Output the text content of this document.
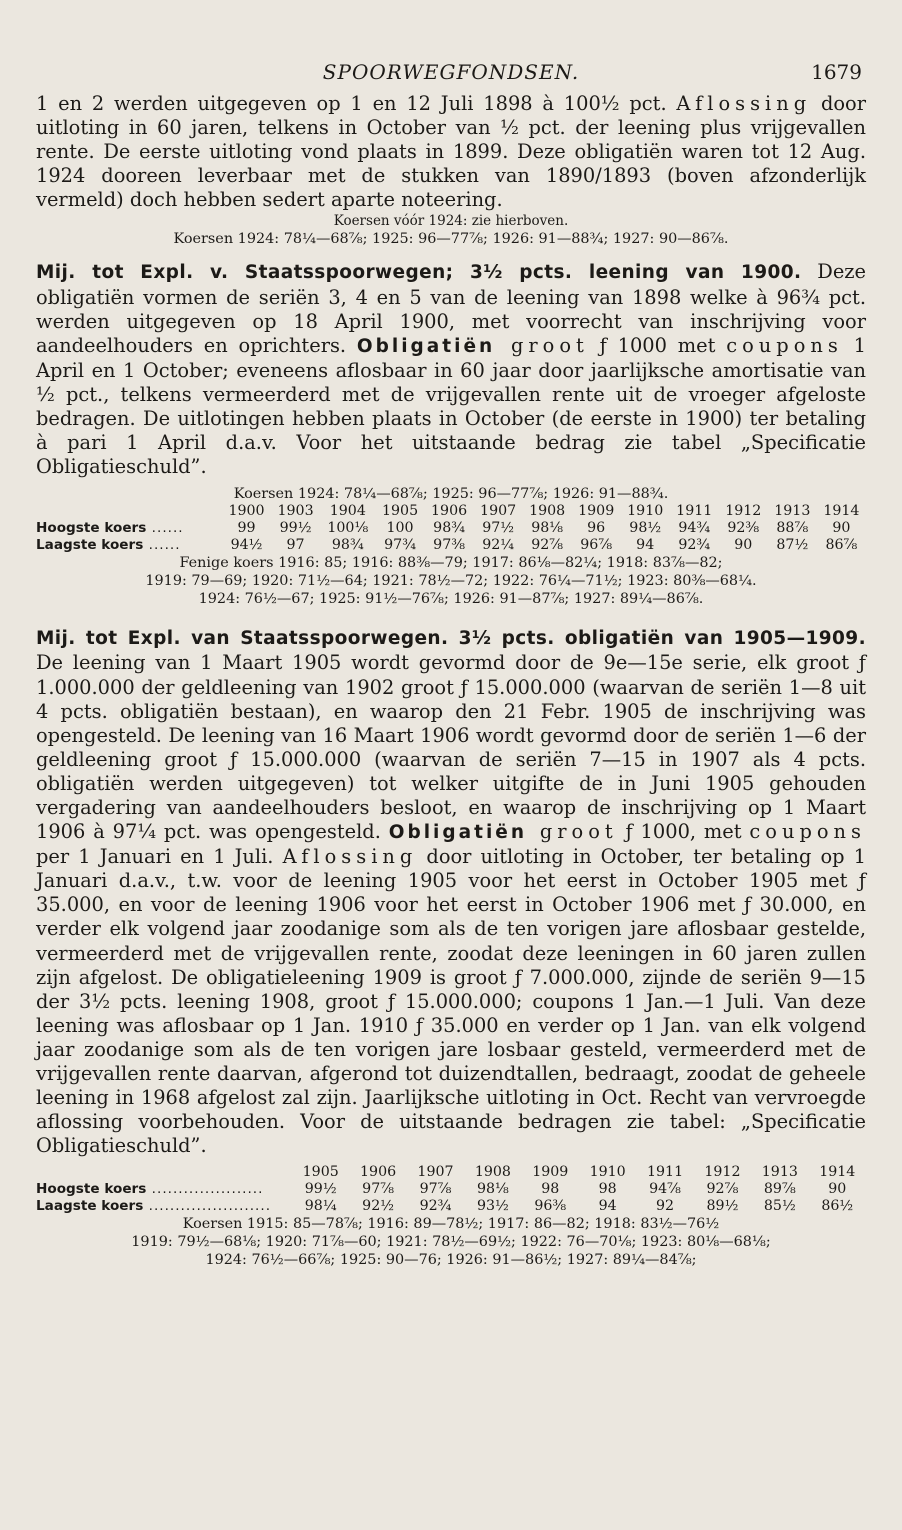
SPOORWEGFONDSEN.	1679

1 en 2 werden uitgegeven op 1 en 12 Juli 1898 à 100½ pct. Aflossing door uitloting in 60 jaren, telkens in October van ½ pct. der leening plus vrijgevallen rente. De eerste uitloting vond plaats in 1899. Deze obligatiën waren tot 12 Aug. 1924 dooreen leverbaar met de stukken van 1890/1893 (boven afzonderlijk vermeld) doch hebben sedert aparte noteering.

Koersen vóór 1924: zie hierboven.
Koersen 1924: 78¼—68⅞; 1925: 96—77⅞; 1926: 91—88¾; 1927: 90—86⅞.

Mij. tot Expl. v. Staatsspoorwegen; 3½ pcts. leening van 1900. Deze obligatiën vormen de seriën 3, 4 en 5 van de leening van 1898 welke à 96¾ pct. werden uitgegeven op 18 April 1900, met voorrecht van inschrijving voor aandeelhouders en oprichters. Obligatiën groot ƒ 1000 met coupons 1 April en 1 October; eveneens aflosbaar in 60 jaar door jaarlijksche amortisatie van ½ pct., telkens vermeerderd met de vrijgevallen rente uit de vroeger afgeloste bedragen. De uitlotingen hebben plaats in October (de eerste in 1900) ter betaling à pari 1 April d.a.v. Voor het uitstaande bedrag zie tabel „Specificatie Obligatieschuld”.

Koersen 1924: 78¼—68⅞; 1925: 96—77⅞; 1926: 91—88¾.
	1900	1903	1904	1905	1906	1907	1908	1909	1910	1911	1912	1913	1914
Hoogste koers ......	99	99½	100⅛	100	98¾	97½	98⅛	96	98½	94¾	92⅜	88⅞	90
Laagste koers ......	94½	97	98¾	97¾	97⅜	92¼	92⅞	96⅞	94	92¾	90	87½	86⅞
Fenige koers 1916: 85; 1916: 88⅜—79; 1917: 86⅛—82¼; 1918: 83⅞—82;
1919: 79—69; 1920: 71½—64; 1921: 78½—72; 1922: 76¼—71½; 1923: 80⅜—68¼.
1924: 76½—67; 1925: 91½—76⅞; 1926: 91—87⅞; 1927: 89¼—86⅞.

Mij. tot Expl. van Staatsspoorwegen. 3½ pcts. obligatiën van 1905—1909. De leening van 1 Maart 1905 wordt gevormd door de 9e—15e serie, elk groot ƒ 1.000.000 der geldleening van 1902 groot ƒ 15.000.000 (waarvan de seriën 1—8 uit 4 pcts. obligatiën bestaan), en waarop den 21 Febr. 1905 de inschrijving was opengesteld. De leening van 16 Maart 1906 wordt gevormd door de seriën 1—6 der geldleening groot ƒ 15.000.000 (waarvan de seriën 7—15 in 1907 als 4 pcts. obligatiën werden uitgegeven) tot welker uitgifte de in Juni 1905 gehouden vergadering van aandeelhouders besloot, en waarop de inschrijving op 1 Maart 1906 à 97¼ pct. was opengesteld. Obligatiën groot ƒ 1000, met coupons per 1 Januari en 1 Juli. Aflossing door uitloting in October, ter betaling op 1 Januari d.a.v., t.w. voor de leening 1905 voor het eerst in October 1905 met ƒ 35.000, en voor de leening 1906 voor het eerst in October 1906 met ƒ 30.000, en verder elk volgend jaar zoodanige som als de ten vorigen jare aflosbaar gestelde, vermeerderd met de vrijgevallen rente, zoodat deze leeningen in 60 jaren zullen zijn afgelost. De obligatieleening 1909 is groot ƒ 7.000.000, zijnde de seriën 9—15 der 3½ pcts. leening 1908, groot ƒ 15.000.000; coupons 1 Jan.—1 Juli. Van deze leening was aflosbaar op 1 Jan. 1910 ƒ 35.000 en verder op 1 Jan. van elk volgend jaar zoodanige som als de ten vorigen jare losbaar gesteld, vermeerderd met de vrijgevallen rente daarvan, afgerond tot duizendtallen, bedraagt, zoodat de geheele leening in 1968 afgelost zal zijn. Jaarlijksche uitloting in Oct. Recht van vervroegde aflossing voorbehouden. Voor de uitstaande bedragen zie tabel: „Specificatie Obligatieschuld”.

	1905	1906	1907	1908	1909	1910	1911	1912	1913	1914
Hoogste koers .....................	99½	97⅞	97⅞	98⅛	98	98	94⅞	92⅞	89⅞	90
Laagste koers .......................	98¼	92½	92¾	93½	96⅜	94	92	89½	85½	86½
Koersen 1915: 85—78⅞; 1916: 89—78½; 1917: 86—82; 1918: 83½—76½
1919: 79½—68⅛; 1920: 71⅞—60; 1921: 78½—69½; 1922: 76—70⅛; 1923: 80⅛—68⅛;
1924: 76½—66⅞; 1925: 90—76; 1926: 91—86½; 1927: 89¼—84⅞;
